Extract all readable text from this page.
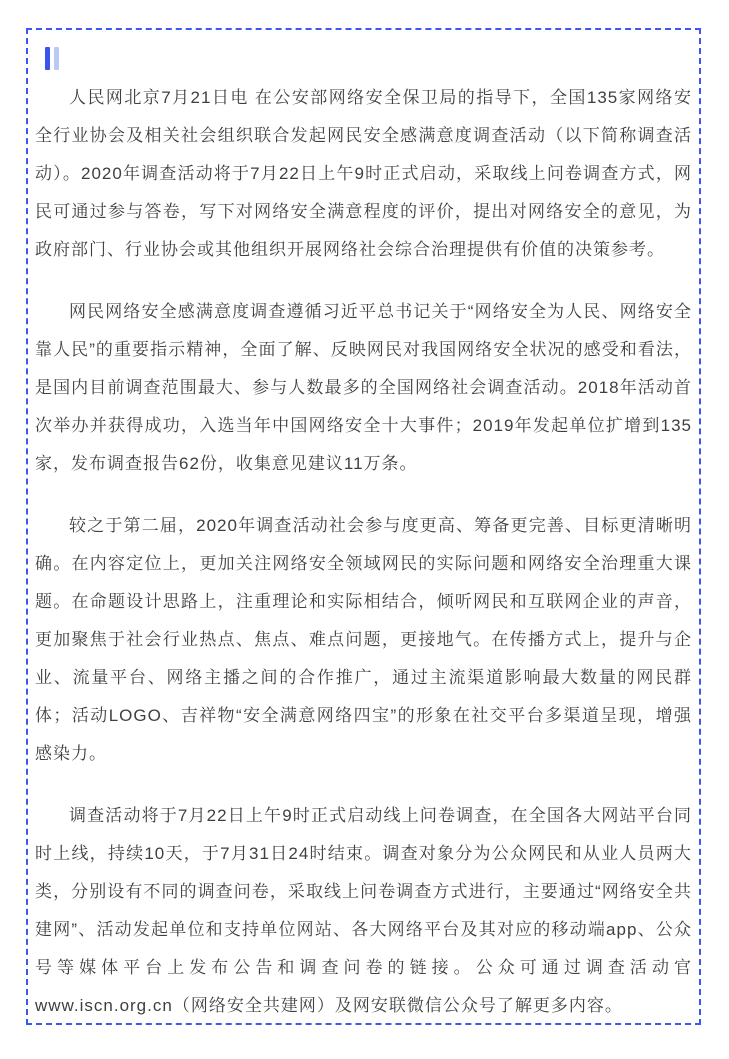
人民网北京7月21日电 在公安部网络安全保卫局的指导下，全国135家网络安全行业协会及相关社会组织联合发起网民安全感满意度调查活动（以下简称调查活动）。2020年调查活动将于7月22日上午9时正式启动，采取线上问卷调查方式，网民可通过参与答卷，写下对网络安全满意程度的评价，提出对网络安全的意见，为政府部门、行业协会或其他组织开展网络社会综合治理提供有价值的决策参考。

网民网络安全感满意度调查遵循习近平总书记关于“网络安全为人民、网络安全靠人民”的重要指示精神，全面了解、反映网民对我国网络安全状况的感受和看法，是国内目前调查范围最大、参与人数最多的全国网络社会调查活动。2018年活动首次举办并获得成功，入选当年中国网络安全十大事件；2019年发起单位扩增到135家，发布调查报告62份，收集意见建议11万条。

较之于第二届，2020年调查活动社会参与度更高、筹备更完善、目标更清晰明确。在内容定位上，更加关注网络安全领域网民的实际问题和网络安全治理重大课题。在命题设计思路上，注重理论和实际相结合，倾听网民和互联网企业的声音，更加聚焦于社会行业热点、焦点、难点问题，更接地气。在传播方式上，提升与企业、流量平台、网络主播之间的合作推广，通过主流渠道影响最大数量的网民群体；活动LOGO、吉祥物“安全满意网络四宝”的形象在社交平台多渠道呈现，增强感染力。

调查活动将于7月22日上午9时正式启动线上问卷调查，在全国各大网站平台同时上线，持续10天，于7月31日24时结束。调查对象分为公众网民和从业人员两大类，分别设有不同的调查问卷，采取线上问卷调查方式进行，主要通过“网络安全共建网”、活动发起单位和支持单位网站、各大网络平台及其对应的移动端app、公众号等媒体平台上发布公告和调查问卷的链接。公众可通过调查活动官www.iscn.org.cn（网络安全共建网）及网安联微信公众号了解更多内容。
